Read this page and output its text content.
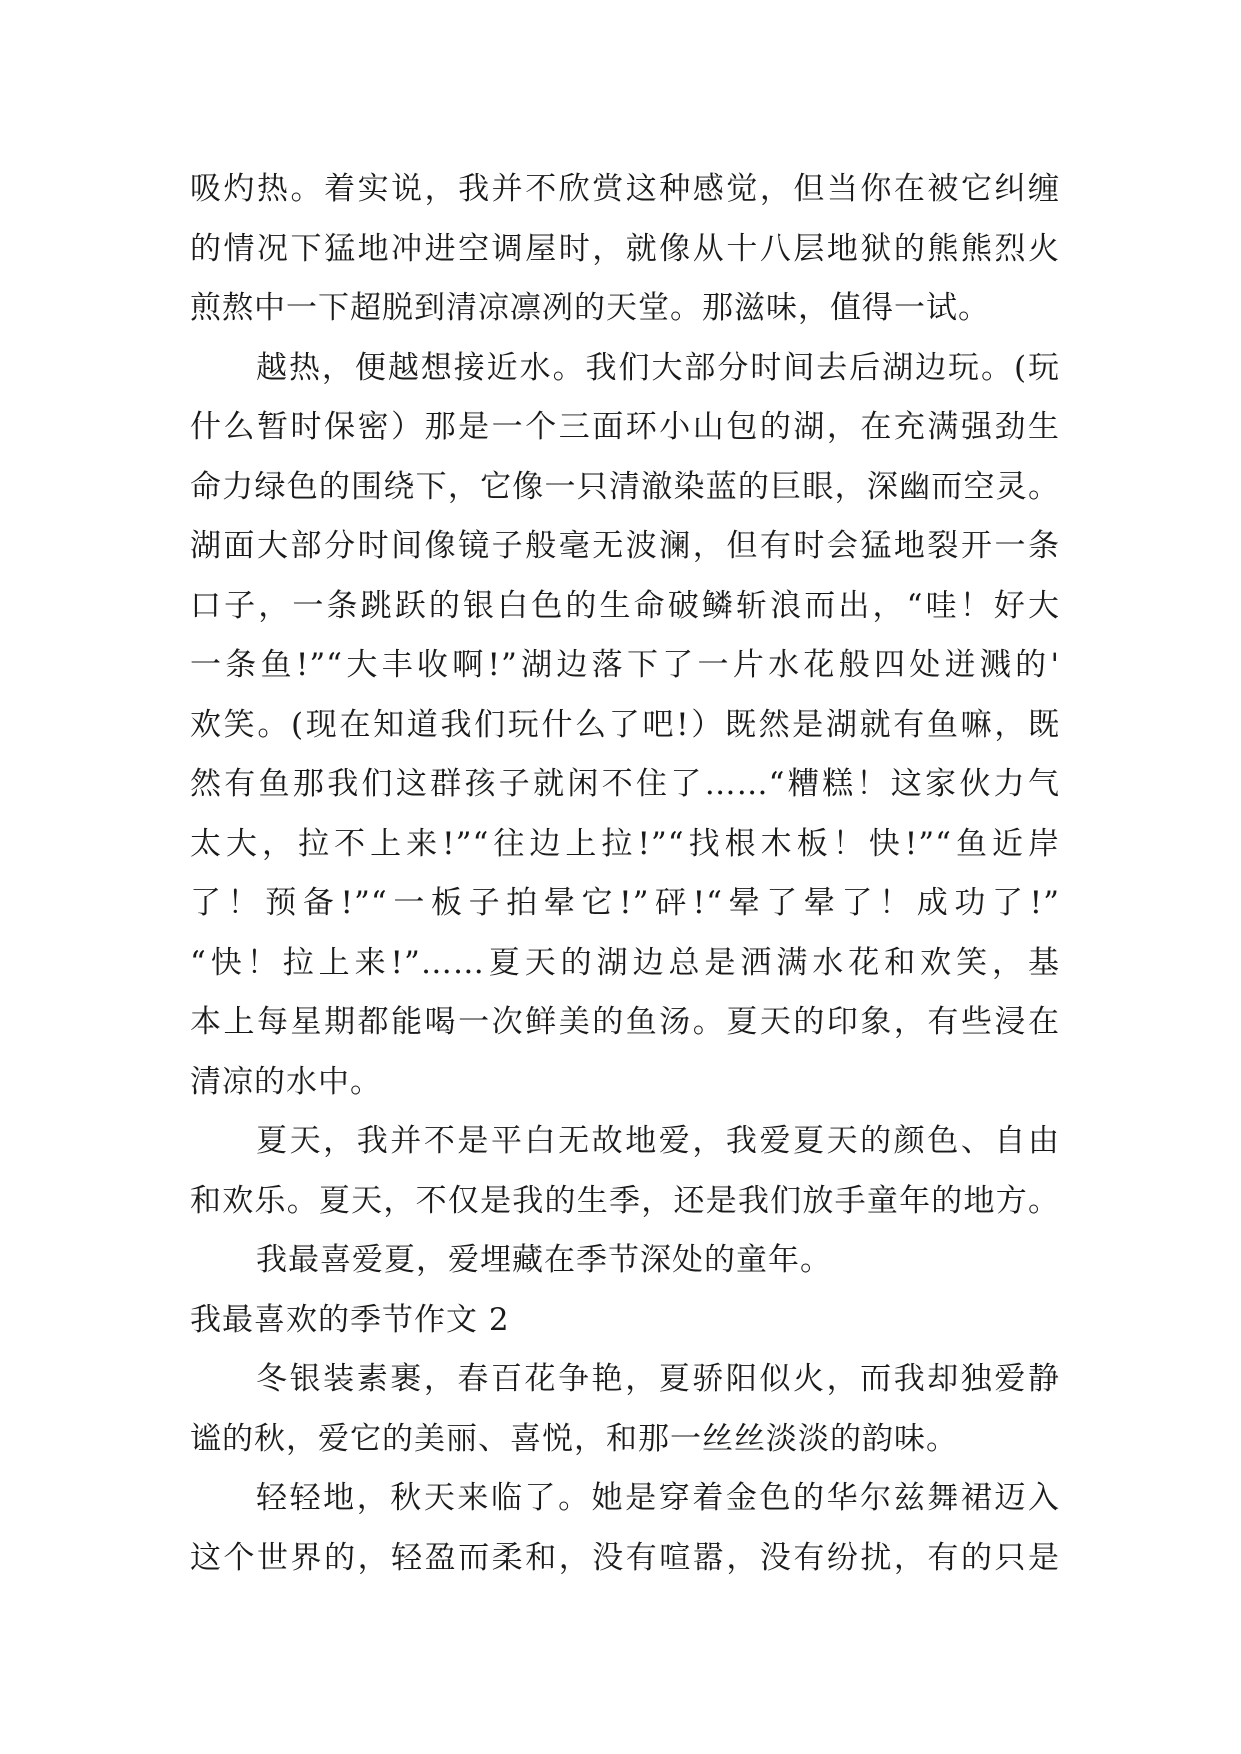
吸灼热。着实说，我并不欣赏这种感觉，但当你在被它纠缠
的情况下猛地冲进空调屋时，就像从十八层地狱的熊熊烈火
煎熬中一下超脱到清凉凛冽的天堂。那滋味，值得一试。
越热，便越想接近水。我们大部分时间去后湖边玩。(玩
什么暂时保密）那是一个三面环小山包的湖，在充满强劲生
命力绿色的围绕下，它像一只清澈染蓝的巨眼，深幽而空灵。
湖面大部分时间像镜子般毫无波澜，但有时会猛地裂开一条
口子，一条跳跃的银白色的生命破鳞斩浪而出，“哇！好大
一条鱼!”“大丰收啊!”湖边落下了一片水花般四处迸溅的'
欢笑。(现在知道我们玩什么了吧!）既然是湖就有鱼嘛，既
然有鱼那我们这群孩子就闲不住了……“糟糕！这家伙力气
太大，拉不上来!”“往边上拉!”“找根木板！快!”“鱼近岸
了！预备!”“一板子拍晕它!”砰!“晕了晕了！成功了!”
“快！拉上来!”……夏天的湖边总是洒满水花和欢笑，基
本上每星期都能喝一次鲜美的鱼汤。夏天的印象，有些浸在
清凉的水中。
夏天，我并不是平白无故地爱，我爱夏天的颜色、自由
和欢乐。夏天，不仅是我的生季，还是我们放手童年的地方。
我最喜爱夏，爱埋藏在季节深处的童年。
我最喜欢的季节作文 2
冬银装素裹，春百花争艳，夏骄阳似火，而我却独爱静
谧的秋，爱它的美丽、喜悦，和那一丝丝淡淡的韵味。
轻轻地，秋天来临了。她是穿着金色的华尔兹舞裙迈入
这个世界的，轻盈而柔和，没有喧嚣，没有纷扰，有的只是
